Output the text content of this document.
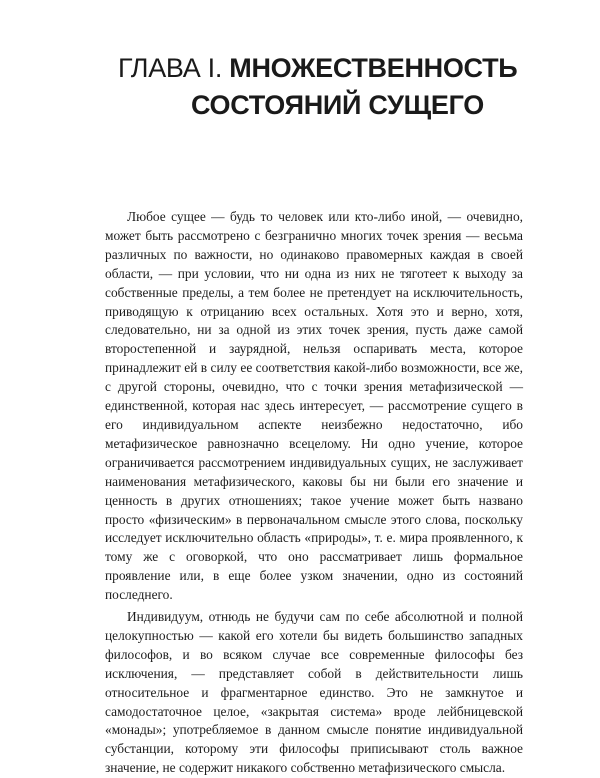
ГЛАВА I. МНОЖЕСТВЕННОСТЬ
СОСТОЯНИЙ СУЩЕГО

Любое сущее — будь то человек или кто-либо иной, — очевидно, может быть рассмотрено с безгранично многих точек зрения — весьма различных по важности, но одинаково правомерных каждая в своей области, — при условии, что ни одна из них не тяготеет к выходу за собственные пределы, а тем более не претендует на исключительность, приводящую к отрицанию всех остальных. Хотя это и верно, хотя, следовательно, ни за одной из этих точек зрения, пусть даже самой второстепенной и заурядной, нельзя оспаривать места, которое принадлежит ей в силу ее соответствия какой-либо возможности, все же, с другой стороны, очевидно, что с точки зрения метафизической — единственной, которая нас здесь интересует, — рассмотрение сущего в его индивидуальном аспекте неизбежно недостаточно, ибо метафизическое равнозначно всецелому. Ни одно учение, которое ограничивается рассмотрением индивидуальных сущих, не заслуживает наименования метафизического, каковы бы ни были его значение и ценность в других отношениях; такое учение может быть названо просто «физическим» в первоначальном смысле этого слова, поскольку исследует исключительно область «природы», т. е. мира проявленного, к тому же с оговоркой, что оно рассматривает лишь формальное проявление или, в еще более узком значении, одно из состояний последнего.

Индивидуум, отнюдь не будучи сам по себе абсолютной и полной целокупностью — какой его хотели бы видеть большинство западных философов, и во всяком случае все современные философы без исключения, — представляет собой в действительности лишь относительное и фрагментарное единство. Это не замкнутое и самодостаточное целое, «закрытая система» вроде лейбницевской «монады»; употребляемое в данном смысле понятие индивидуальной субстанции, которому эти философы приписывают столь важное значение, не содержит никакого собственно метафизического смысла.
